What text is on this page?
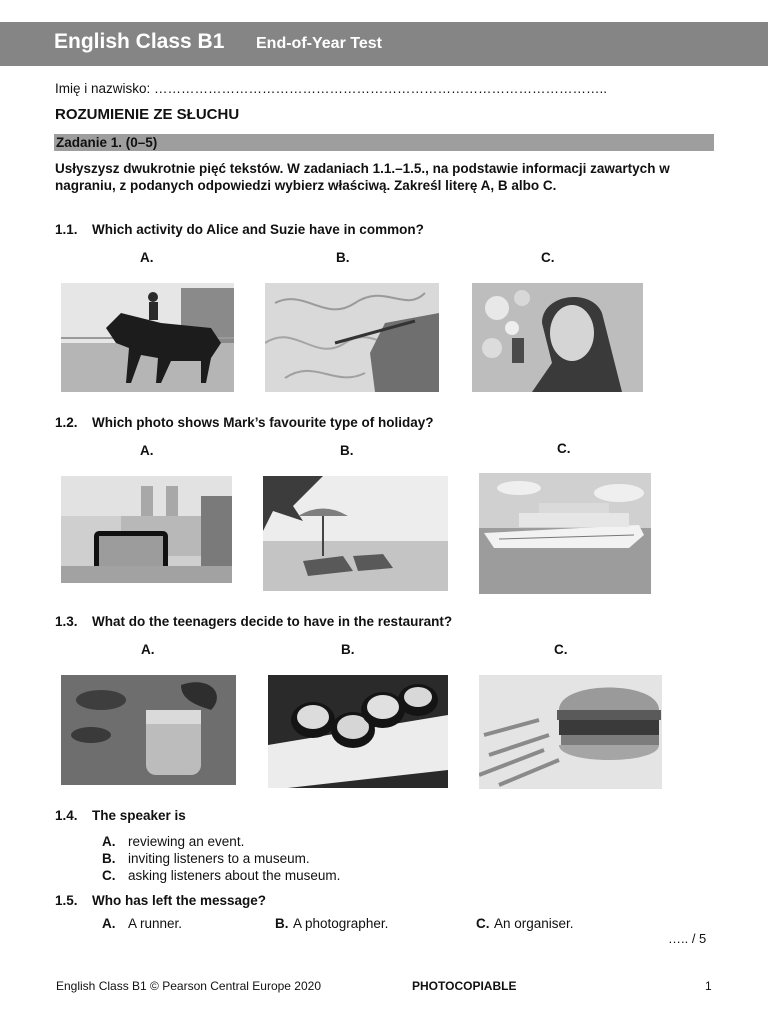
English Class B1 End-of-Year Test
Imię i nazwisko: ………………………………………………………………………………………..
ROZUMIENIE ZE SŁUCHU
Zadanie 1. (0–5)
Usłyszysz dwukrotnie pięć tekstów. W zadaniach 1.1.–1.5., na podstawie informacji zawartych w nagraniu, z podanych odpowiedzi wybierz właściwą. Zakreśl literę A, B albo C.
1.1. Which activity do Alice and Suzie have in common?
A.	B.	C.
1.2. Which photo shows Mark’s favourite type of holiday?
A.	B.	C.
1.3. What do the teenagers decide to have in the restaurant?
A.	B.	C.
1.4. The speaker is
A. reviewing an event.
B. inviting listeners to a museum.
C. asking listeners about the museum.
1.5. Who has left the message?
A. A runner.	B. A photographer.	C. An organiser.
….. / 5
English Class B1 © Pearson Central Europe 2020	PHOTOCOPIABLE	1
